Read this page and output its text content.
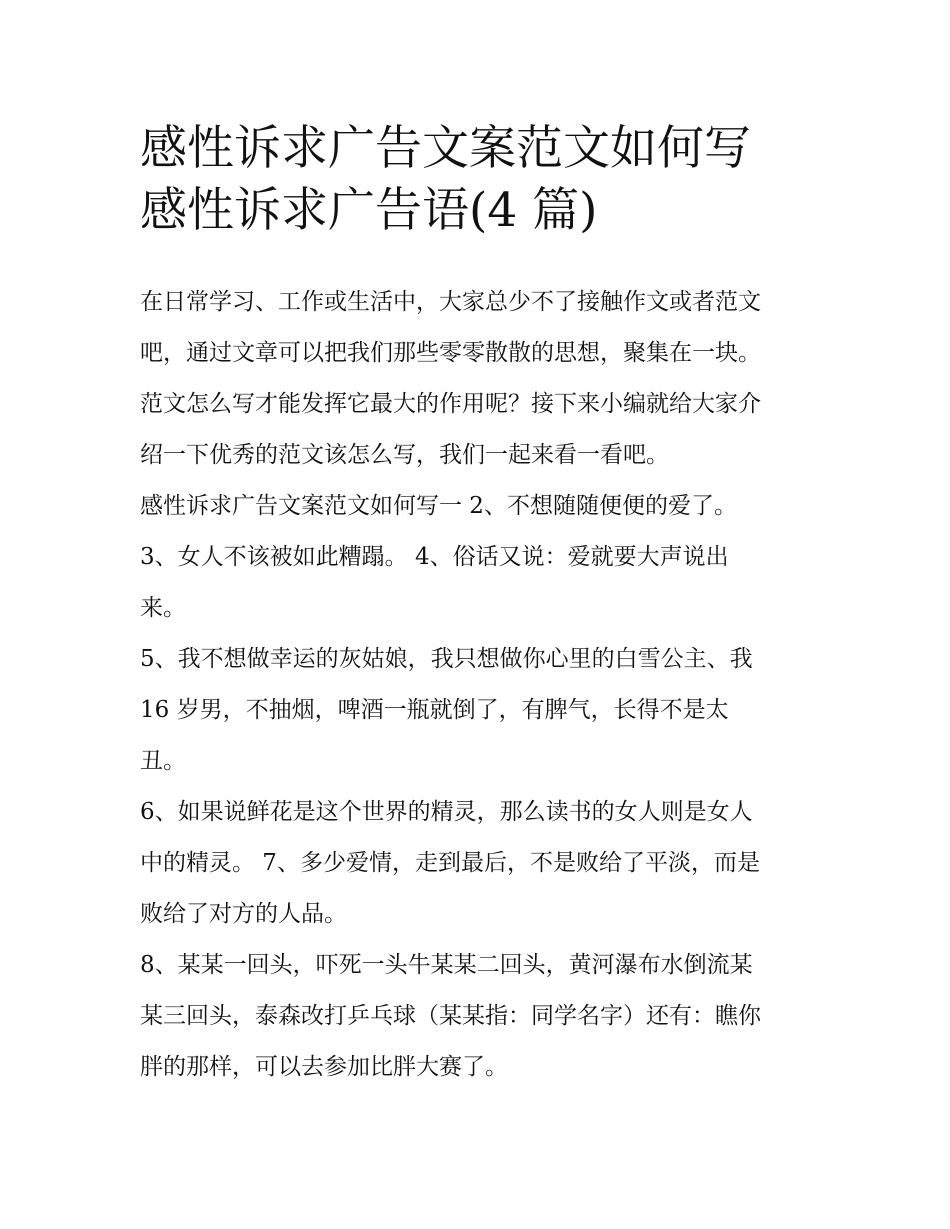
感性诉求广告文案范文如何写
感性诉求广告语(4 篇)

在日常学习、工作或生活中，大家总少不了接触作文或者范文
吧，通过文章可以把我们那些零零散散的思想，聚集在一块。
范文怎么写才能发挥它最大的作用呢？接下来小编就给大家介
绍一下优秀的范文该怎么写，我们一起来看一看吧。

感性诉求广告文案范文如何写一 2、不想随随便便的爱了。

3、女人不该被如此糟蹋。 4、俗话又说：爱就要大声说出
来。

5、我不想做幸运的灰姑娘，我只想做你心里的白雪公主、我
16 岁男，不抽烟，啤酒一瓶就倒了，有脾气，长得不是太
丑。

6、如果说鲜花是这个世界的精灵，那么读书的女人则是女人
中的精灵。 7、多少爱情，走到最后，不是败给了平淡，而是
败给了对方的人品。

8、某某一回头，吓死一头牛某某二回头，黄河瀑布水倒流某
某三回头，泰森改打乒乓球（某某指：同学名字）还有：瞧你
胖的那样，可以去参加比胖大赛了。
